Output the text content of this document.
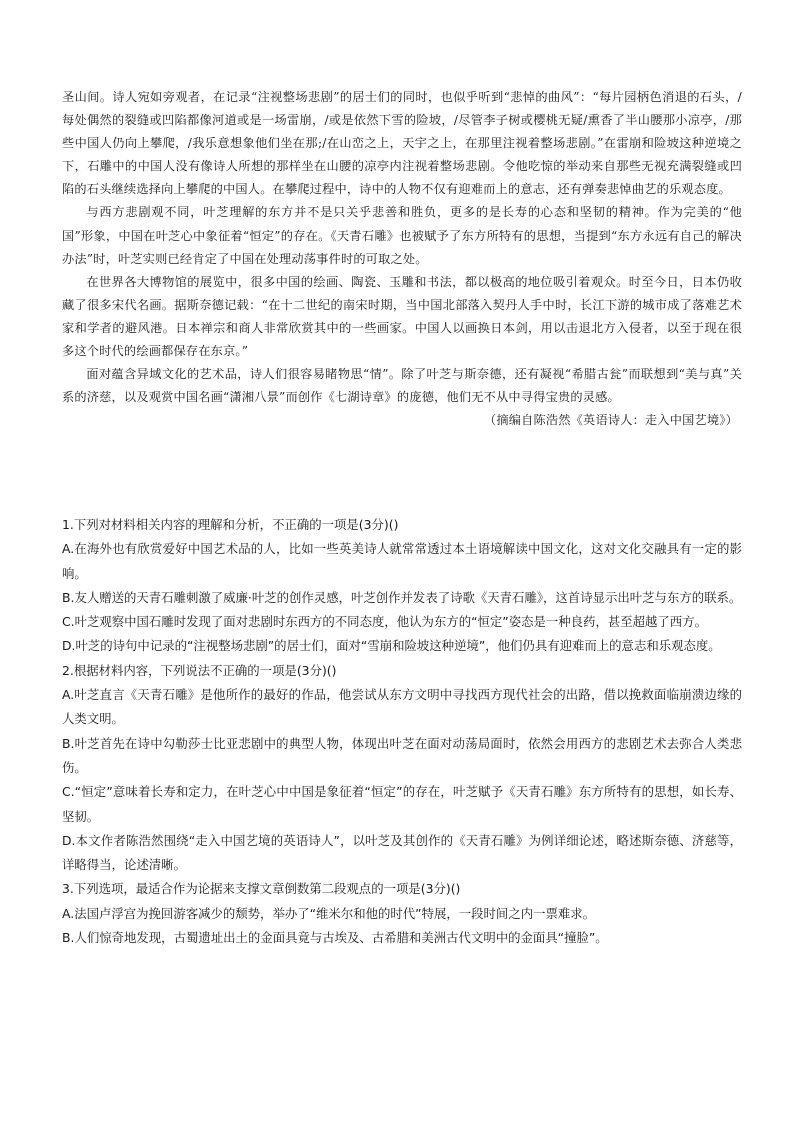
圣山间。诗人宛如旁观者，在记录“注视整场悲剧”的居士们的同时，也似乎听到“悲悼的曲风”：“每片园柄色消退的石头，/每处偶然的裂缝或凹陷都像河道或是一场雷崩，/或是依然下雪的险坡，/尽管李子树或樱桃无疑/熏香了半山腰那小凉亭，/那些中国人仍向上攀爬，/我乐意想象他们坐在那;/在山峦之上，天宇之上，在那里注视着整场悲剧。”在雷崩和险坡这种逆境之下，石雕中的中国人没有像诗人所想的那样坐在山腰的凉亭内注视着整场悲剧。令他吃惊的举动来自那些无视充满裂缝或凹陷的石头继续选择向上攀爬的中国人。在攀爬过程中，诗中的人物不仅有迎难而上的意志，还有弹奏悲悼曲艺的乐观态度。

与西方悲剧观不同，叶芝理解的东方并不是只关乎悲善和胜负，更多的是长寿的心态和坚韧的精神。作为完美的“他国”形象，中国在叶芝心中象征着“恒定”的存在。《天青石雕》也被赋予了东方所特有的思想，当提到“东方永远有自己的解决办法”时，叶芝实则已经肯定了中国在处理动荡事件时的可取之处。

在世界各大博物馆的展览中，很多中国的绘画、陶瓷、玉雕和书法，都以极高的地位吸引着观众。时至今日，日本仍收藏了很多宋代名画。据斯奈德记载：“在十二世纪的南宋时期，当中国北部落入契丹人手中时，长江下游的城市成了落难艺术家和学者的避风港。日本禅宗和商人非常欣赏其中的一些画家。中国人以画换日本剑，用以击退北方入侵者，以至于现在很多这个时代的绘画都保存在东京。”

面对蕴含异域文化的艺术品，诗人们很容易睹物思“情”。除了叶芝与斯奈德，还有凝视“希腊古瓮”而联想到“美与真”关系的济慈，以及观赏中国名画“潇湘八景”而创作《七湖诗章》的庞德，他们无不从中寻得宝贵的灵感。

（摘编自陈浩然《英语诗人：走入中国艺境》）

1.下列对材料相关内容的理解和分析，不正确的一项是(3分)()

A.在海外也有欣赏爱好中国艺术品的人，比如一些英美诗人就常常透过本土语境解读中国文化，这对文化交融具有一定的影响。

B.友人赠送的天青石雕刺激了威廉·叶芝的创作灵感，叶芝创作并发表了诗歌《天青石雕》，这首诗显示出叶芝与东方的联系。

C.叶芝观察中国石雕时发现了面对悲剧时东西方的不同态度，他认为东方的“恒定”姿态是一种良药，甚至超越了西方。

D.叶芝的诗句中记录的“注视整场悲剧”的居士们，面对“雪崩和险坡这种逆境”，他们仍具有迎难而上的意志和乐观态度。

2.根据材料内容，下列说法不正确的一项是(3分)()

A.叶芝直言《天青石雕》是他所作的最好的作品，他尝试从东方文明中寻找西方现代社会的出路，借以挽救面临崩溃边缘的人类文明。

B.叶芝首先在诗中勾勒莎士比亚悲剧中的典型人物，体现出叶芝在面对动荡局面时，依然会用西方的悲剧艺术去弥合人类悲伤。

C.“恒定”意味着长寿和定力，在叶芝心中中国是象征着“恒定”的存在，叶芝赋予《天青石雕》东方所特有的思想，如长寿、坚韧。

D.本文作者陈浩然围绕“走入中国艺境的英语诗人”，以叶芝及其创作的《天青石雕》为例详细论述，略述斯奈德、济慈等，详略得当，论述清晰。

3.下列选项，最适合作为论据来支撑文章倒数第二段观点的一项是(3分)()

A.法国卢浮宫为挽回游客减少的颓势，举办了“维米尔和他的时代”特展，一段时间之内一票难求。

B.人们惊奇地发现，古蜀遗址出土的金面具竟与古埃及、古希腊和美洲古代文明中的金面具“撞脸”。
